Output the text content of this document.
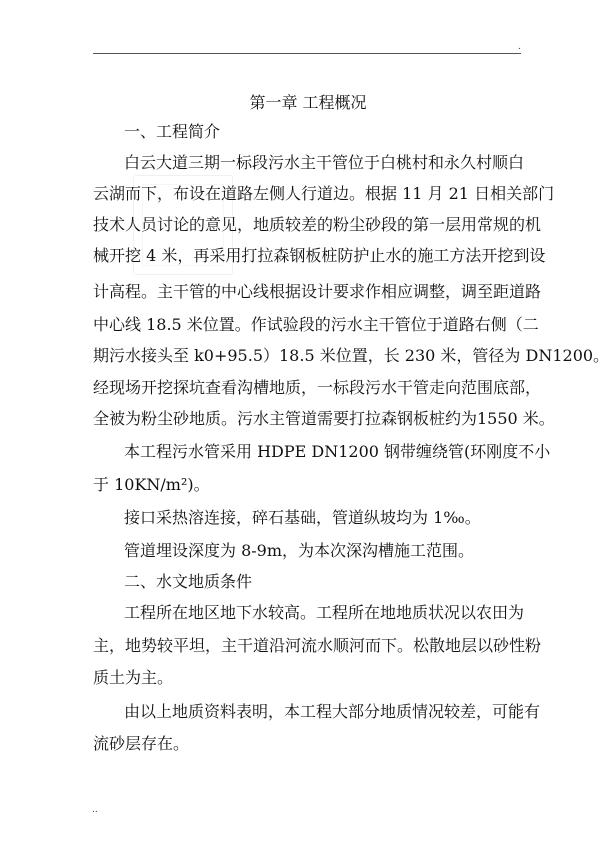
.
第一章 工程概况
一、工程简介
白云大道三期一标段污水主干管位于白桃村和永久村顺白
云湖而下，布设在道路左侧人行道边。根据 11 月 21 日相关部门
技术人员讨论的意见，地质较差的粉尘砂段的第一层用常规的机
械开挖 4 米，再采用打拉森钢板桩防护止水的施工方法开挖到设
计高程。主干管的中心线根据设计要求作相应调整，调至距道路
中心线 18.5 米位置。作试验段的污水主干管位于道路右侧（二
期污水接头至 k0+95.5）18.5 米位置，长 230 米，管径为 DN1200。
经现场开挖探坑查看沟槽地质，一标段污水干管走向范围底部，
全被为粉尘砂地质。污水主管道需要打拉森钢板桩约为1550 米。
本工程污水管采用 HDPE DN1200 钢带缠绕管(环刚度不小
于 10KN/m²)。
接口采热溶连接，碎石基础，管道纵坡均为 1‰。
管道埋设深度为 8-9m，为本次深沟槽施工范围。
二、水文地质条件
工程所在地区地下水较高。工程所在地地质状况以农田为
主，地势较平坦，主干道沿河流水顺河而下。松散地层以砂性粉
质土为主。
由以上地质资料表明，本工程大部分地质情况较差，可能有
流砂层存在。
..
